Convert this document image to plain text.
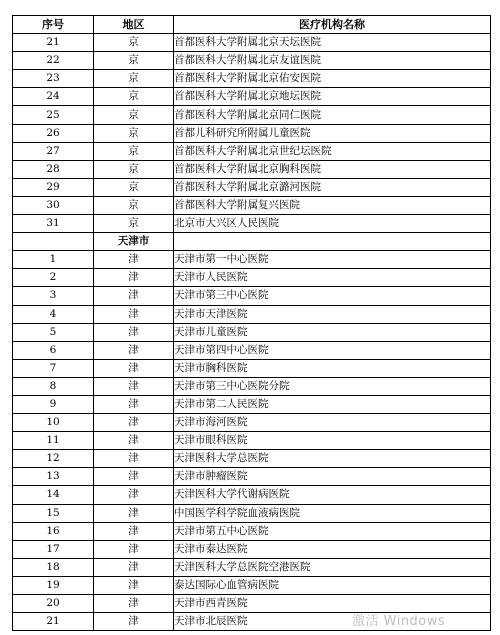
序号	地区	医疗机构名称
21	京	首都医科大学附属北京天坛医院
22	京	首都医科大学附属北京友谊医院
23	京	首都医科大学附属北京佑安医院
24	京	首都医科大学附属北京地坛医院
25	京	首都医科大学附属北京同仁医院
26	京	首都儿科研究所附属儿童医院
27	京	首都医科大学附属北京世纪坛医院
28	京	首都医科大学附属北京胸科医院
29	京	首都医科大学附属北京潞河医院
30	京	首都医科大学附属复兴医院
31	京	北京市大兴区人民医院
	天津市	
1	津	天津市第一中心医院
2	津	天津市人民医院
3	津	天津市第三中心医院
4	津	天津市天津医院
5	津	天津市儿童医院
6	津	天津市第四中心医院
7	津	天津市胸科医院
8	津	天津市第三中心医院分院
9	津	天津市第二人民医院
10	津	天津市海河医院
11	津	天津市眼科医院
12	津	天津医科大学总医院
13	津	天津市肿瘤医院
14	津	天津医科大学代谢病医院
15	津	中国医学科学院血液病医院
16	津	天津市第五中心医院
17	津	天津市泰达医院
18	津	天津医科大学总医院空港医院
19	津	泰达国际心血管病医院
20	津	天津市西青医院
21	津	天津市北辰医院	激活 Windows
